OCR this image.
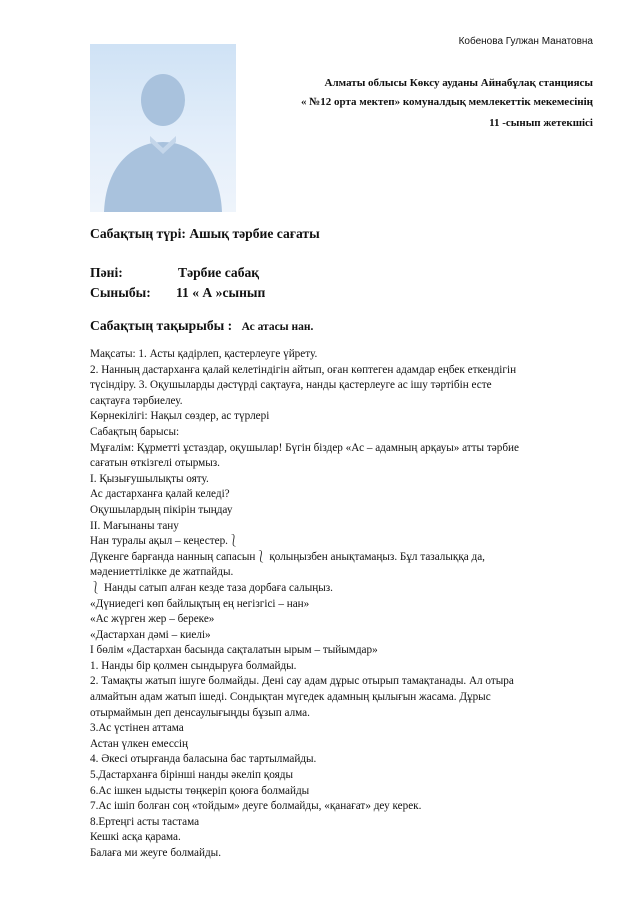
Кобенова Гулжан Манатовна
Алматы облысы Көксу ауданы Айнабұлақ станциясы
« №12 орта мектеп» комуналдық мемлекеттік мекемесінің
11 -сынып жетекшісі
Сабақтың түрі: Ашық тәрбие сағаты
Пәні:	Тәрбие сабақ
Сыныбы: 11 « А »сынып
Сабақтың тақырыбы : Ас атасы нан.
Мақсаты: 1. Асты қадірлеп, қастерлеуге үйрету.
2. Нанның дастарханға қалай келетіндігін айтып, оған көптеген адамдар еңбек еткендігін
түсіндіру. 3. Оқушыларды дәстүрді сақтауға, нанды қастерлеуге ас ішу тәртібін есте
сақтауға тәрбиелеу.
Көрнекілігі: Нақыл сөздер, ас түрлері
Сабақтың барысы:
Мұғалім: Құрметті ұстаздар, оқушылар! Бүгін біздер «Ас – адамның арқауы» атты тәрбие
сағатын өткізгелі отырмыз.
І. Қызығушылықты ояту.
Ас дастарханға қалай келеді?
Оқушылардың пікірін тыңдау
ІІ. Мағынаны тану
Нан туралы ақыл – кеңестер.⎱
Дүкенге барғанда нанның сапасын⎱ қолыңызбен анықтамаңыз. Бұл тазалыққа да,
мәдениеттілікке де жатпайды.
⎱ Нанды сатып алған кезде таза дорбаға салыңыз.
«Дүниедегі көп байлықтың ең негізгісі – нан»
«Ас жүрген жер – береке»
«Дастархан дәмі – киелі»
І бөлім «Дастархан басында сақталатын ырым – тыйымдар»
1. Нанды бір қолмен сындыруға болмайды.
2. Тамақты жатып ішуге болмайды. Дені сау адам дұрыс отырып тамақтанады. Ал отыра
алмайтын адам жатып ішеді. Сондықтан мүгедек адамның қылығын жасама. Дұрыс
отырмаймын деп денсаулығыңды бұзып алма.
3.Ас үстінен аттама
Астан үлкен емессің
4. Әкесі отырғанда баласына бас тартылмайды.
5.Дастарханға бірінші нанды әкеліп қояды
6.Ас ішкен ыдысты төңкеріп қоюға болмайды
7.Ас ішіп болған соң «тойдым» деуге болмайды, «қанағат» деу керек.
8.Ертеңгі асты тастама
Кешкі асқа қарама.
Балаға ми жеуге болмайды.
